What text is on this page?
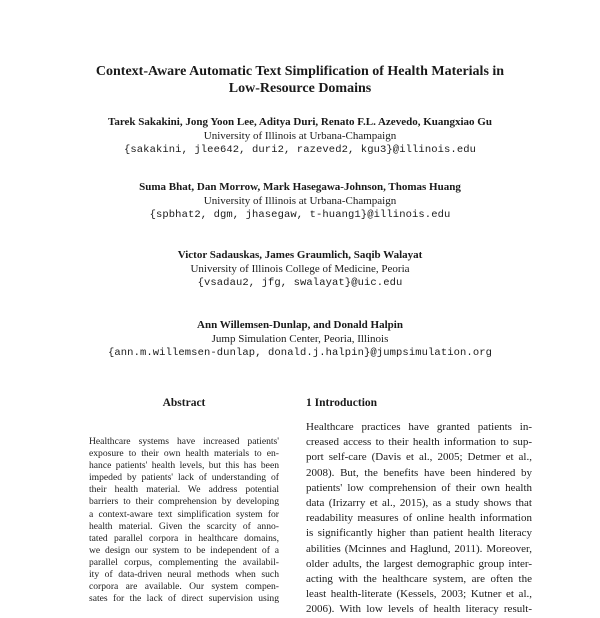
Context-Aware Automatic Text Simplification of Health Materials in
Low-Resource Domains
Tarek Sakakini, Jong Yoon Lee, Aditya Duri, Renato F.L. Azevedo, Kuangxiao Gu
University of Illinois at Urbana-Champaign
{sakakini, jlee642, duri2, razeved2, kgu3}@illinois.edu
Suma Bhat, Dan Morrow, Mark Hasegawa-Johnson, Thomas Huang
University of Illinois at Urbana-Champaign
{spbhat2, dgm, jhasegaw, t-huang1}@illinois.edu
Victor Sadauskas, James Graumlich, Saqib Walayat
University of Illinois College of Medicine, Peoria
{vsadau2, jfg, swalayat}@uic.edu
Ann Willemsen-Dunlap, and Donald Halpin
Jump Simulation Center, Peoria, Illinois
{ann.m.willemsen-dunlap, donald.j.halpin}@jumpsimulation.org
Abstract
Healthcare systems have increased patients'
exposure to their own health materials to en-
hance patients' health levels, but this has been
impeded by patients' lack of understanding of
their health material. We address potential
barriers to their comprehension by developing
a context-aware text simplification system for
health material. Given the scarcity of anno-
tated parallel corpora in healthcare domains,
we design our system to be independent of a
parallel corpus, complementing the availabil-
ity of data-driven neural methods when such
corpora are available. Our system compen-
sates for the lack of direct supervision using
1 Introduction
Healthcare practices have granted patients in-
creased access to their health information to sup-
port self-care (Davis et al., 2005; Detmer et al.,
2008). But, the benefits have been hindered by
patients' low comprehension of their own health
data (Irizarry et al., 2015), as a study shows that
readability measures of online health information
is significantly higher than patient health literacy
abilities (Mcinnes and Haglund, 2011). Moreover,
older adults, the largest demographic group inter-
acting with the healthcare system, are often the
least health-literate (Kessels, 2003; Kutner et al.,
2006). With low levels of health literacy result-
